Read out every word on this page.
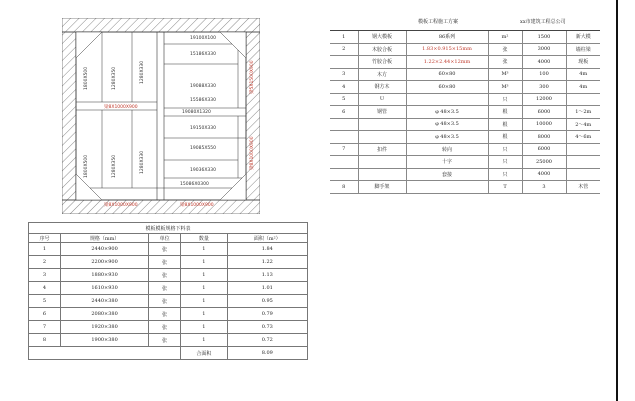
19100X100
15186X330
1800X500	1280X350	1280X330
1800X500	1280X350	1280X330
19088X330
15586X330
19080X1320
19150X330
19085X550
19036X330
15086X0300
梁8X1000X900
梁8X1000X900
梁5X1500X900
梁8X1000X900
梁8X1000X900
模板模板规格下料表				
序号	规格（mm）	单位	数量	面积（m²）
1	2440×900	张	1	1.84
2	2200×900	张	1	1.22
3	1880×930	张	1	1.13
4	1610×930	张	1	1.01
5	2440×380	张	1	0.95
6	2080×380	张	1	0.79
7	1920×380	张	1	0.73
8	1900×380	张	1	0.72
			合面积	8.09
模板工程施工方案	xx市建筑工程总公司
1	钢大模板	86系列	m²	1500	新大模
2	木胶合板	1.83×0.915×15mm	张	3000	墙柱梁
	竹胶合板	1.22×2.44×12mm	张	4000	现板
3	木方	60×80	M³	100	4m
4	钢方木	60×80	M³	300	4m
5	U		只	12000	
6	钢管	φ 48×3.5	根	6000	1～2m
		φ 48×3.5	根	10000	2～4m
		φ 48×3.5	根	8000	4～6m
7	扣件	转向	只	6000	
		十字	只	25000	
		套接	只	4000	
8	脚手架		T	3	木管
